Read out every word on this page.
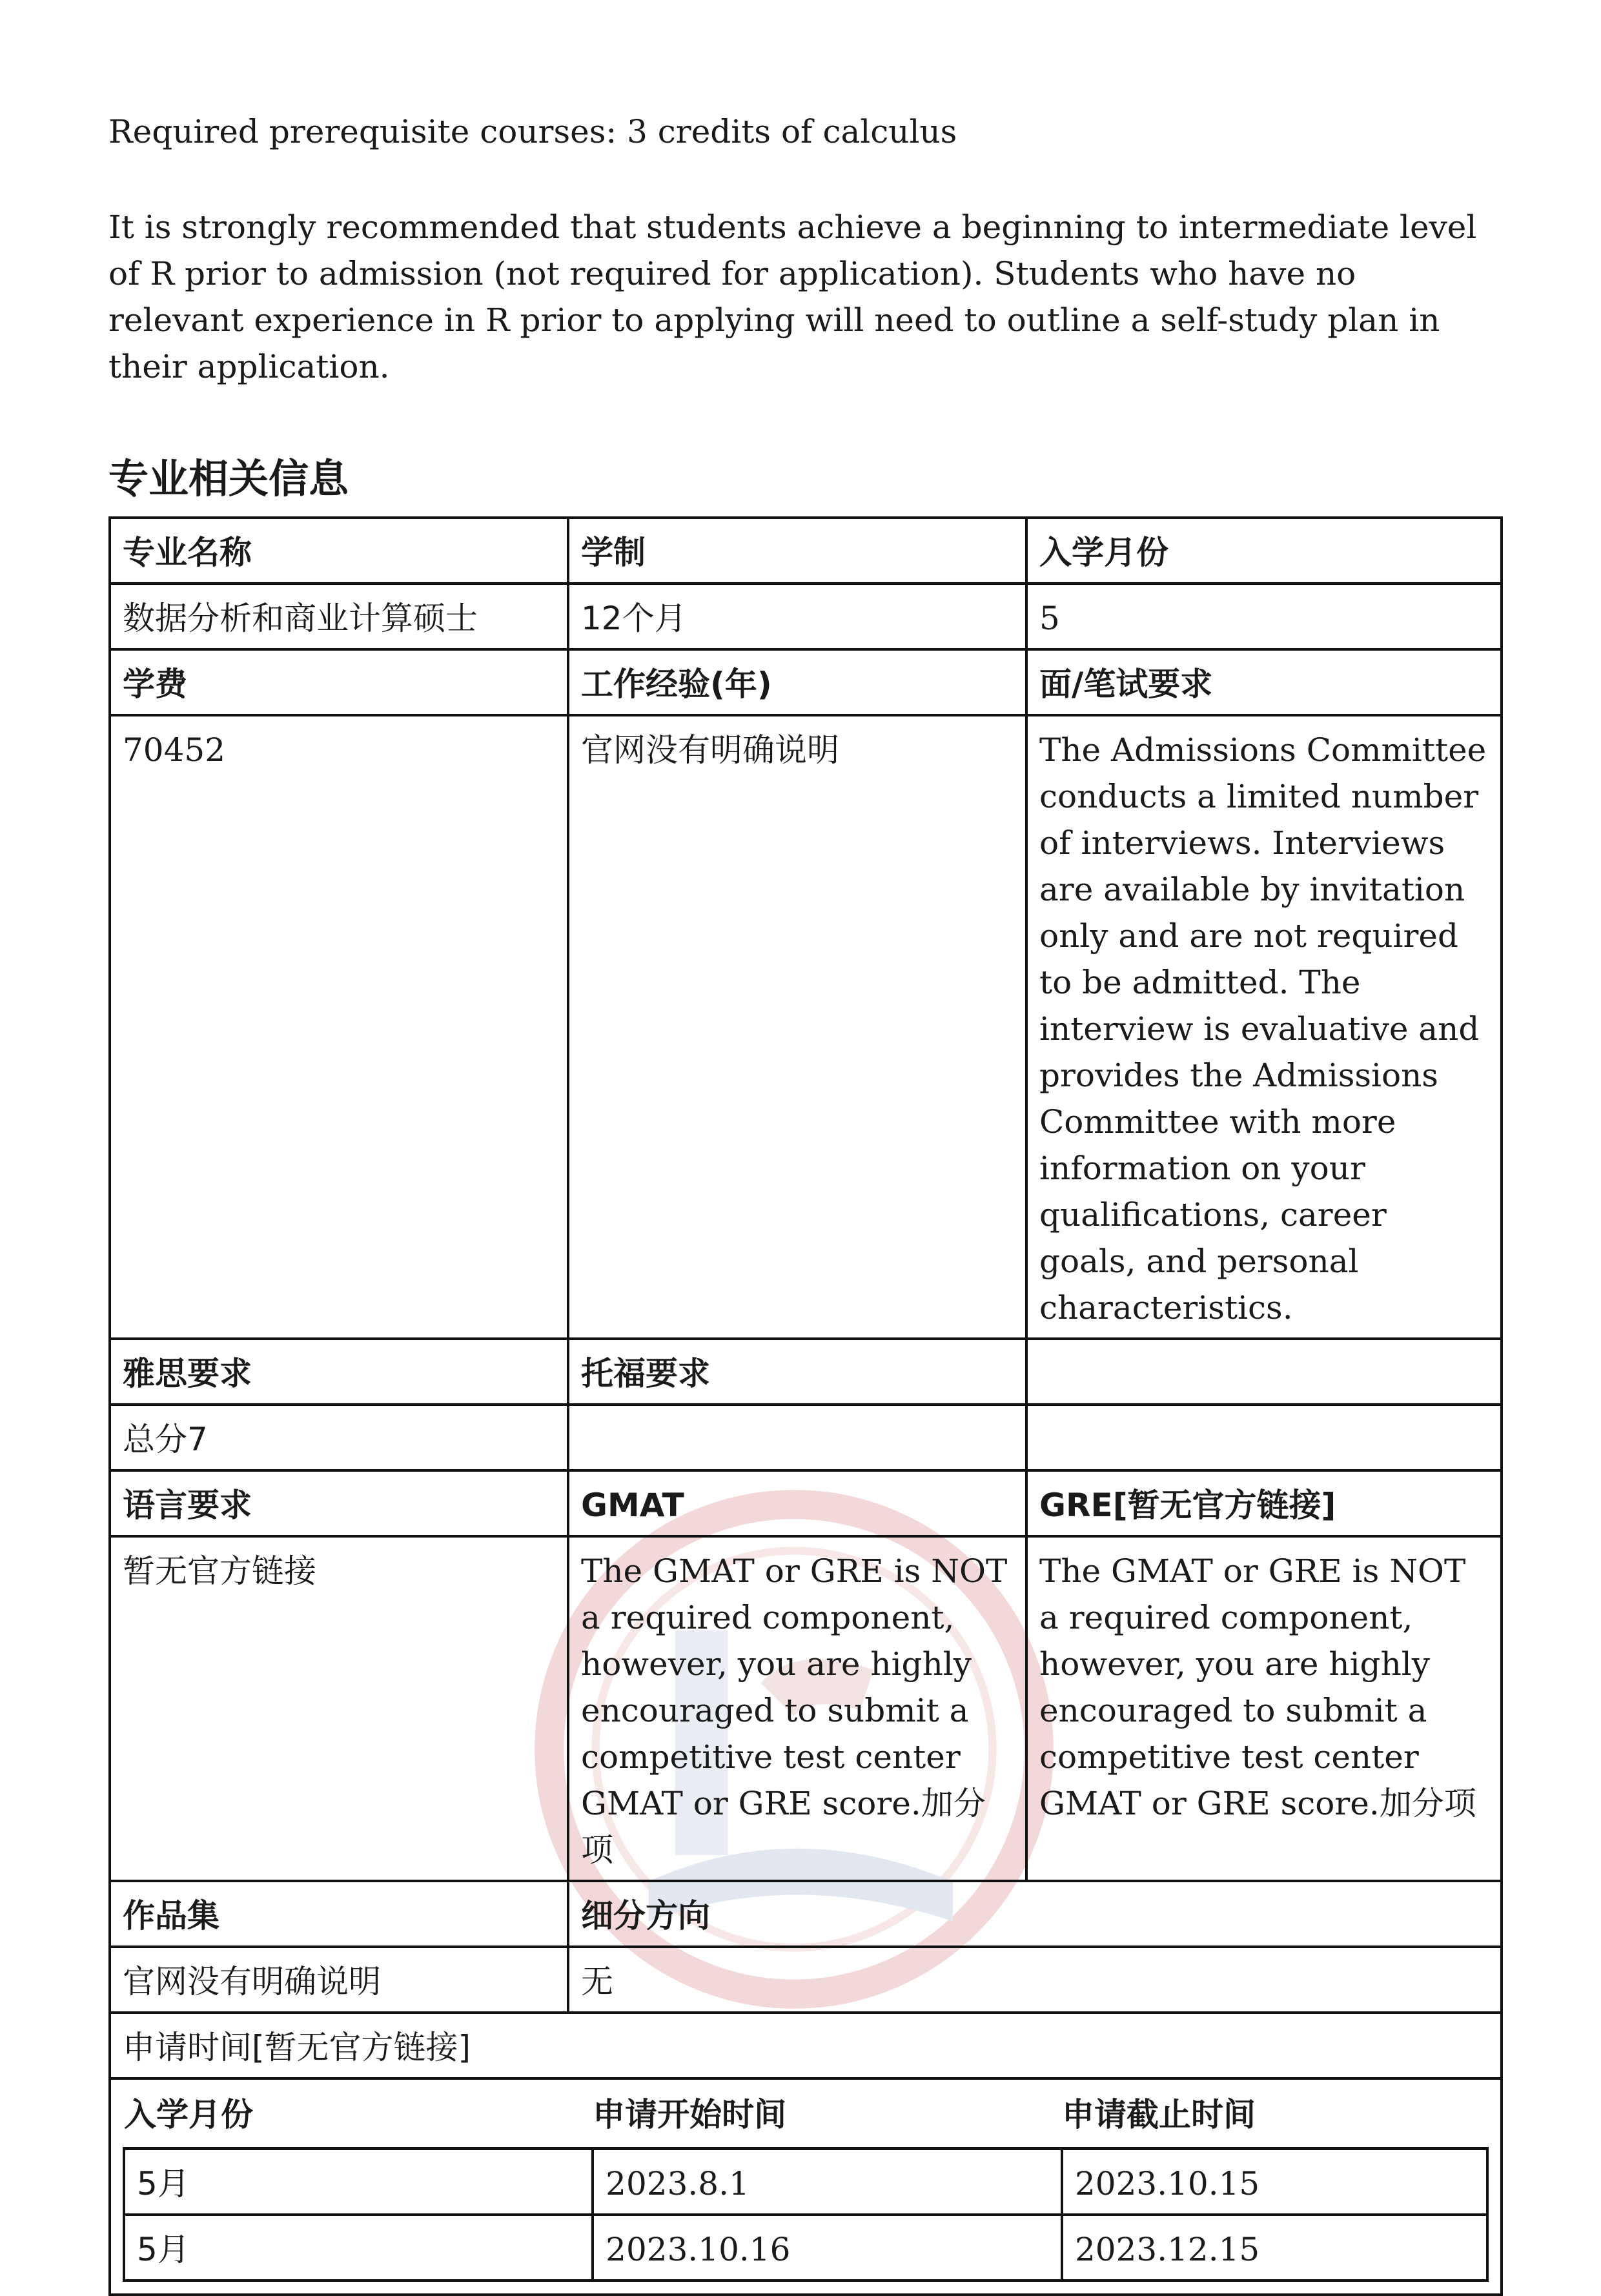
Required prerequisite courses: 3 credits of calculus
It is strongly recommended that students achieve a beginning to intermediate level of R prior to admission (not required for application). Students who have no relevant experience in R prior to applying will need to outline a self-study plan in their application.
专业相关信息
专业名称	学制	入学月份
数据分析和商业计算硕士	12个月	5
学费	工作经验(年)	面/笔试要求
70452	官网没有明确说明	The Admissions Committee conducts a limited number of interviews. Interviews are available by invitation only and are not required to be admitted. The interview is evaluative and provides the Admissions Committee with more information on your qualifications, career goals, and personal characteristics.
雅思要求	托福要求	
总分7		
语言要求	GMAT	GRE[暂无官方链接]
暂无官方链接	The GMAT or GRE is NOT a required component, however, you are highly encouraged to submit a competitive test center GMAT or GRE score.加分项	The GMAT or GRE is NOT a required component, however, you are highly encouraged to submit a competitive test center GMAT or GRE score.加分项
作品集	细分方向
官网没有明确说明	无
申请时间[暂无官方链接]

入学月份	申请开始时间	申请截止时间
5月	2023.8.1	2023.10.15
5月	2023.10.16	2023.12.15
